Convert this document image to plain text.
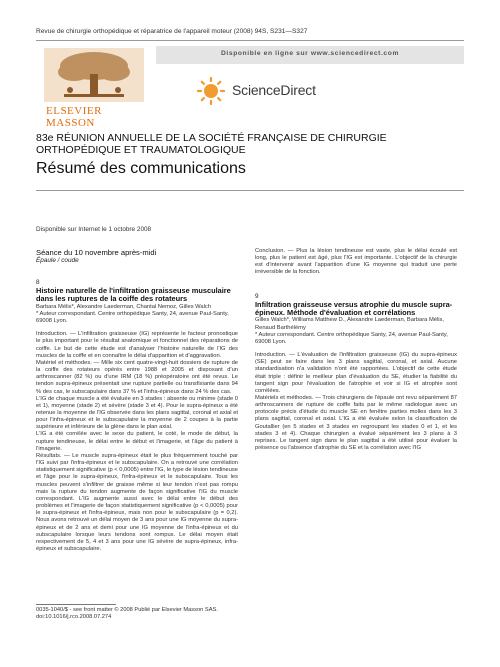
Revue de chirurgie orthopédique et réparatrice de l'appareil moteur (2008) 94S, S231—S327
ELSEVIER
MASSON
Disponible en ligne sur www.sciencedirect.com
ScienceDirect
83e RÉUNION ANNUELLE DE LA SOCIÉTÉ FRANÇAISE DE CHIRURGIE ORTHOPÉDIQUE ET TRAUMATOLOGIQUE
Résumé des communications
Disponible sur Internet le 1 octobre 2008
Séance du 10 novembre après-midi
Épaule / coude
8
Histoire naturelle de l'infiltration graisseuse musculaire dans les ruptures de la coiffe des rotateurs
Barbara Mélis*, Alexandre Laederman, Chantal Nemoz, Gilles Walch
* Auteur correspondant. Centre orthopédique Santy, 24, avenue Paul-Santy, 69008 Lyon.
Introduction. — L'infiltration graisseuse (IG) représente le facteur pronostique le plus important pour le résultat anatomique et fonctionnel des réparations de coiffe. Le but de cette étude est d'analyser l'histoire naturelle de l'IG des muscles de la coiffe et en connaître le délai d'apparition et d'aggravation.
Matériel et méthodes. — Mille six cent quatre-vingt-huit dossiers de rupture de la coiffe des rotateurs opérés entre 1988 et 2005 et disposant d'un arthroscanner (82 %) ou d'une IRM (18 %) préopératoire ont été revus. Le tendon supra-épineux présentait une rupture partielle ou transfixiante dans 94 % des cas, le subscapulaire dans 37 % et l'infra-épineux dans 24 % des cas.
L'IG de chaque muscle a été évaluée en 3 stades : absente ou minime (stade 0 et 1), moyenne (stade 2) et sévère (stade 3 et 4). Pour le supra-épineux a été retenue la moyenne de l'IG observée dans les plans sagittal, coronal et axial et pour l'infra-épineux et le subscapulaire la moyenne de 2 coupes à la partie supérieure et inférieure de la glène dans le plan axial.
L'IG a été corrélée avec le sexe du patient, le coté, le mode de début, la rupture tendineuse, le délai entre le début et l'imagerie, et l'âge du patient à l'imagerie.
Résultats. — Le muscle supra-épineux était le plus fréquemment touché par l'IG suivi par l'infra-épineux et le subscapulaire. On a retrouvé une corrélation statistiquement significative (p < 0,0005) entre l'IG, le type de lésion tendineuse et l'âge pour le supra-épineux, l'infra-épineux et le subscapulaire. Tous les muscles peuvent s'infiltrer de graisse même si leur tendon n'est pas rompu mais la rupture du tendon augmente de façon significative l'IG du muscle correspondant. L'IG augmente aussi avec le délai entre le début des problèmes et l'imagerie de façon statistiquement significative (p < 0,0005) pour le supra-épineux et l'infra-épineux, mais non pour le subscapulaire (p = 0,2). Nous avons retrouvé un délai moyen de 3 ans pour une IG moyenne du supra-épineux et de 2 ans et demi pour une IG moyenne de l'infra-épineux et du subscapulaire lorsque leurs tendons sont rompus. Le délai moyen était respectivement de 5, 4 et 3 ans pour une IG sévère de supra-épineux, infra-épineux et subscapulaire.
Conclusion. — Plus la lésion tendineuse est vaste, plus le délai écoulé est long, plus le patient est âgé, plus l'IG est importante. L'objectif de la chirurgie est d'intervenir avant l'apparition d'une IG moyenne qui traduit une perte irréversible de la fonction.
9
Infiltration graisseuse versus atrophie du muscle supra-épineux. Méthode d'évaluation et corrélations
Gilles Walch*, Williams Matthew D., Alexandre Laederman, Barbara Mélis, Renaud Barthélémy
* Auteur correspondant. Centre orthopédique Santy, 24, avenue Paul-Santy, 69008 Lyon.
Introduction. — L'évaluation de l'infiltration graisseuse (IG) du supra-épineux (SE) peut se faire dans les 3 plans sagittal, coronal, et axial. Aucune standardisation n'a validation n'ont été rapportées. L'objectif de cette étude était triple : définir le meilleur plan d'évaluation du SE, étudier la fiabilité du tangent sign pour l'évaluation de l'atrophie et voir si IG et atrophie sont corrélées.
Matériels et méthodes. — Trois chirurgiens de l'épaule ont revu séparément 87 arthroscanners de rupture de coiffe faits par le même radiologue avec un protocole précis d'étude du muscle SE en fenêtre parties molles dans les 3 plans sagittal, coronal et axial. L'IG a été évaluée selon la classification de Goutallier (en 5 stades et 3 stades en regroupant les stades 0 et 1, et les stades 3 et 4). Chaque chirurgien a évalué séparément les 3 plans à 3 reprises. Le tangent sign dans le plan sagittal a été utilisé pour évaluer la présence ou l'absence d'atrophie du SE et la corrélation avec l'IG
0035-1040/$ - see front matter © 2008 Publié par Elsevier Masson SAS.
doi:10.1016/j.rco.2008.07.274
